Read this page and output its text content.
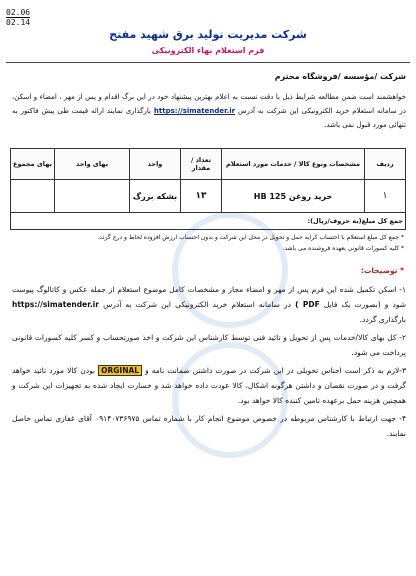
02.06
02.14
شرکت مدیریت تولید برق شهید مفتح
فرم استعلام بهاء الکترونیکی
شرکت /مؤسسه /فروشگاه محترم
خواهشمند است ضمن مطالعه شرایط ذیل با دقت نسبت به اعلام بهترین پیشنهاد خود در این برگ اقدام و پس از مهر ، امضاء و اسکن، در سامانه استعلام خرید الکترونیکی این شرکت به آدرس https://simatender.ir بارگذاری نمایند ارائه قیمت طی پیش فاکتور به تنهائی مورد قبول نمی باشد.
ردیف	مشخصات ونوع کالا / خدمات مورد استعلام	تعداد / مقدار	واحد	بهای واحد	بهای مجموع
۱	خرید روغن HB 125	۱۳	بشکه بزرگ		
جمع کل مبلغ(به حروف/ریال):					
* جمع کل مبلغ استعلام با احتساب کرایه حمل و تحویل در محل این شرکت و بدون احتساب ارزش افزوده لحاظ و درج گردد.
* کلیه کسورات قانونی بعهده فروشنده می باشد.
* توضیحات:

۱- اسکن تکمیل شده این فرم پس از مهر و امضاء مجاز و مشخصات کامل موضوع استعلام از جمله عکس و کاتالوگ پیوست شود و (بصورت یک فایل PDF ) در سامانه استعلام خرید الکترونیکی این شرکت به آدرس https://simatender.ir بارگذاری گردد.

۲- کل بهای کالا/خدمات پس از تحویل و تائید فنی توسط کارشناس این شرکت و اخذ صورتحساب و کسر کلیه کسورات قانونی پرداخت می شود.

۳-لازم به ذکر است اجناس تحویلی در این شرکت در صورت داشتن ضمانت نامه و ORGINAL بودن کالا مورد تائید خواهد گرفت و در صورت نقصان و داشتن هرگونه اشکال، کالا عودت داده خواهد شد و خسارت ایجاد شده به تجهیزات این شرکت و همچنین هزینه حمل برعهده تامین کننده کالا خواهد بود.

۴- جهت ارتباط با کارشناس مربوطه در خصوص موضوع انجام کار با شماره تماس ۰۹۱۴۰۷۳۶۹۷۵ آقای غفاری تماس حاصل نمایند.
